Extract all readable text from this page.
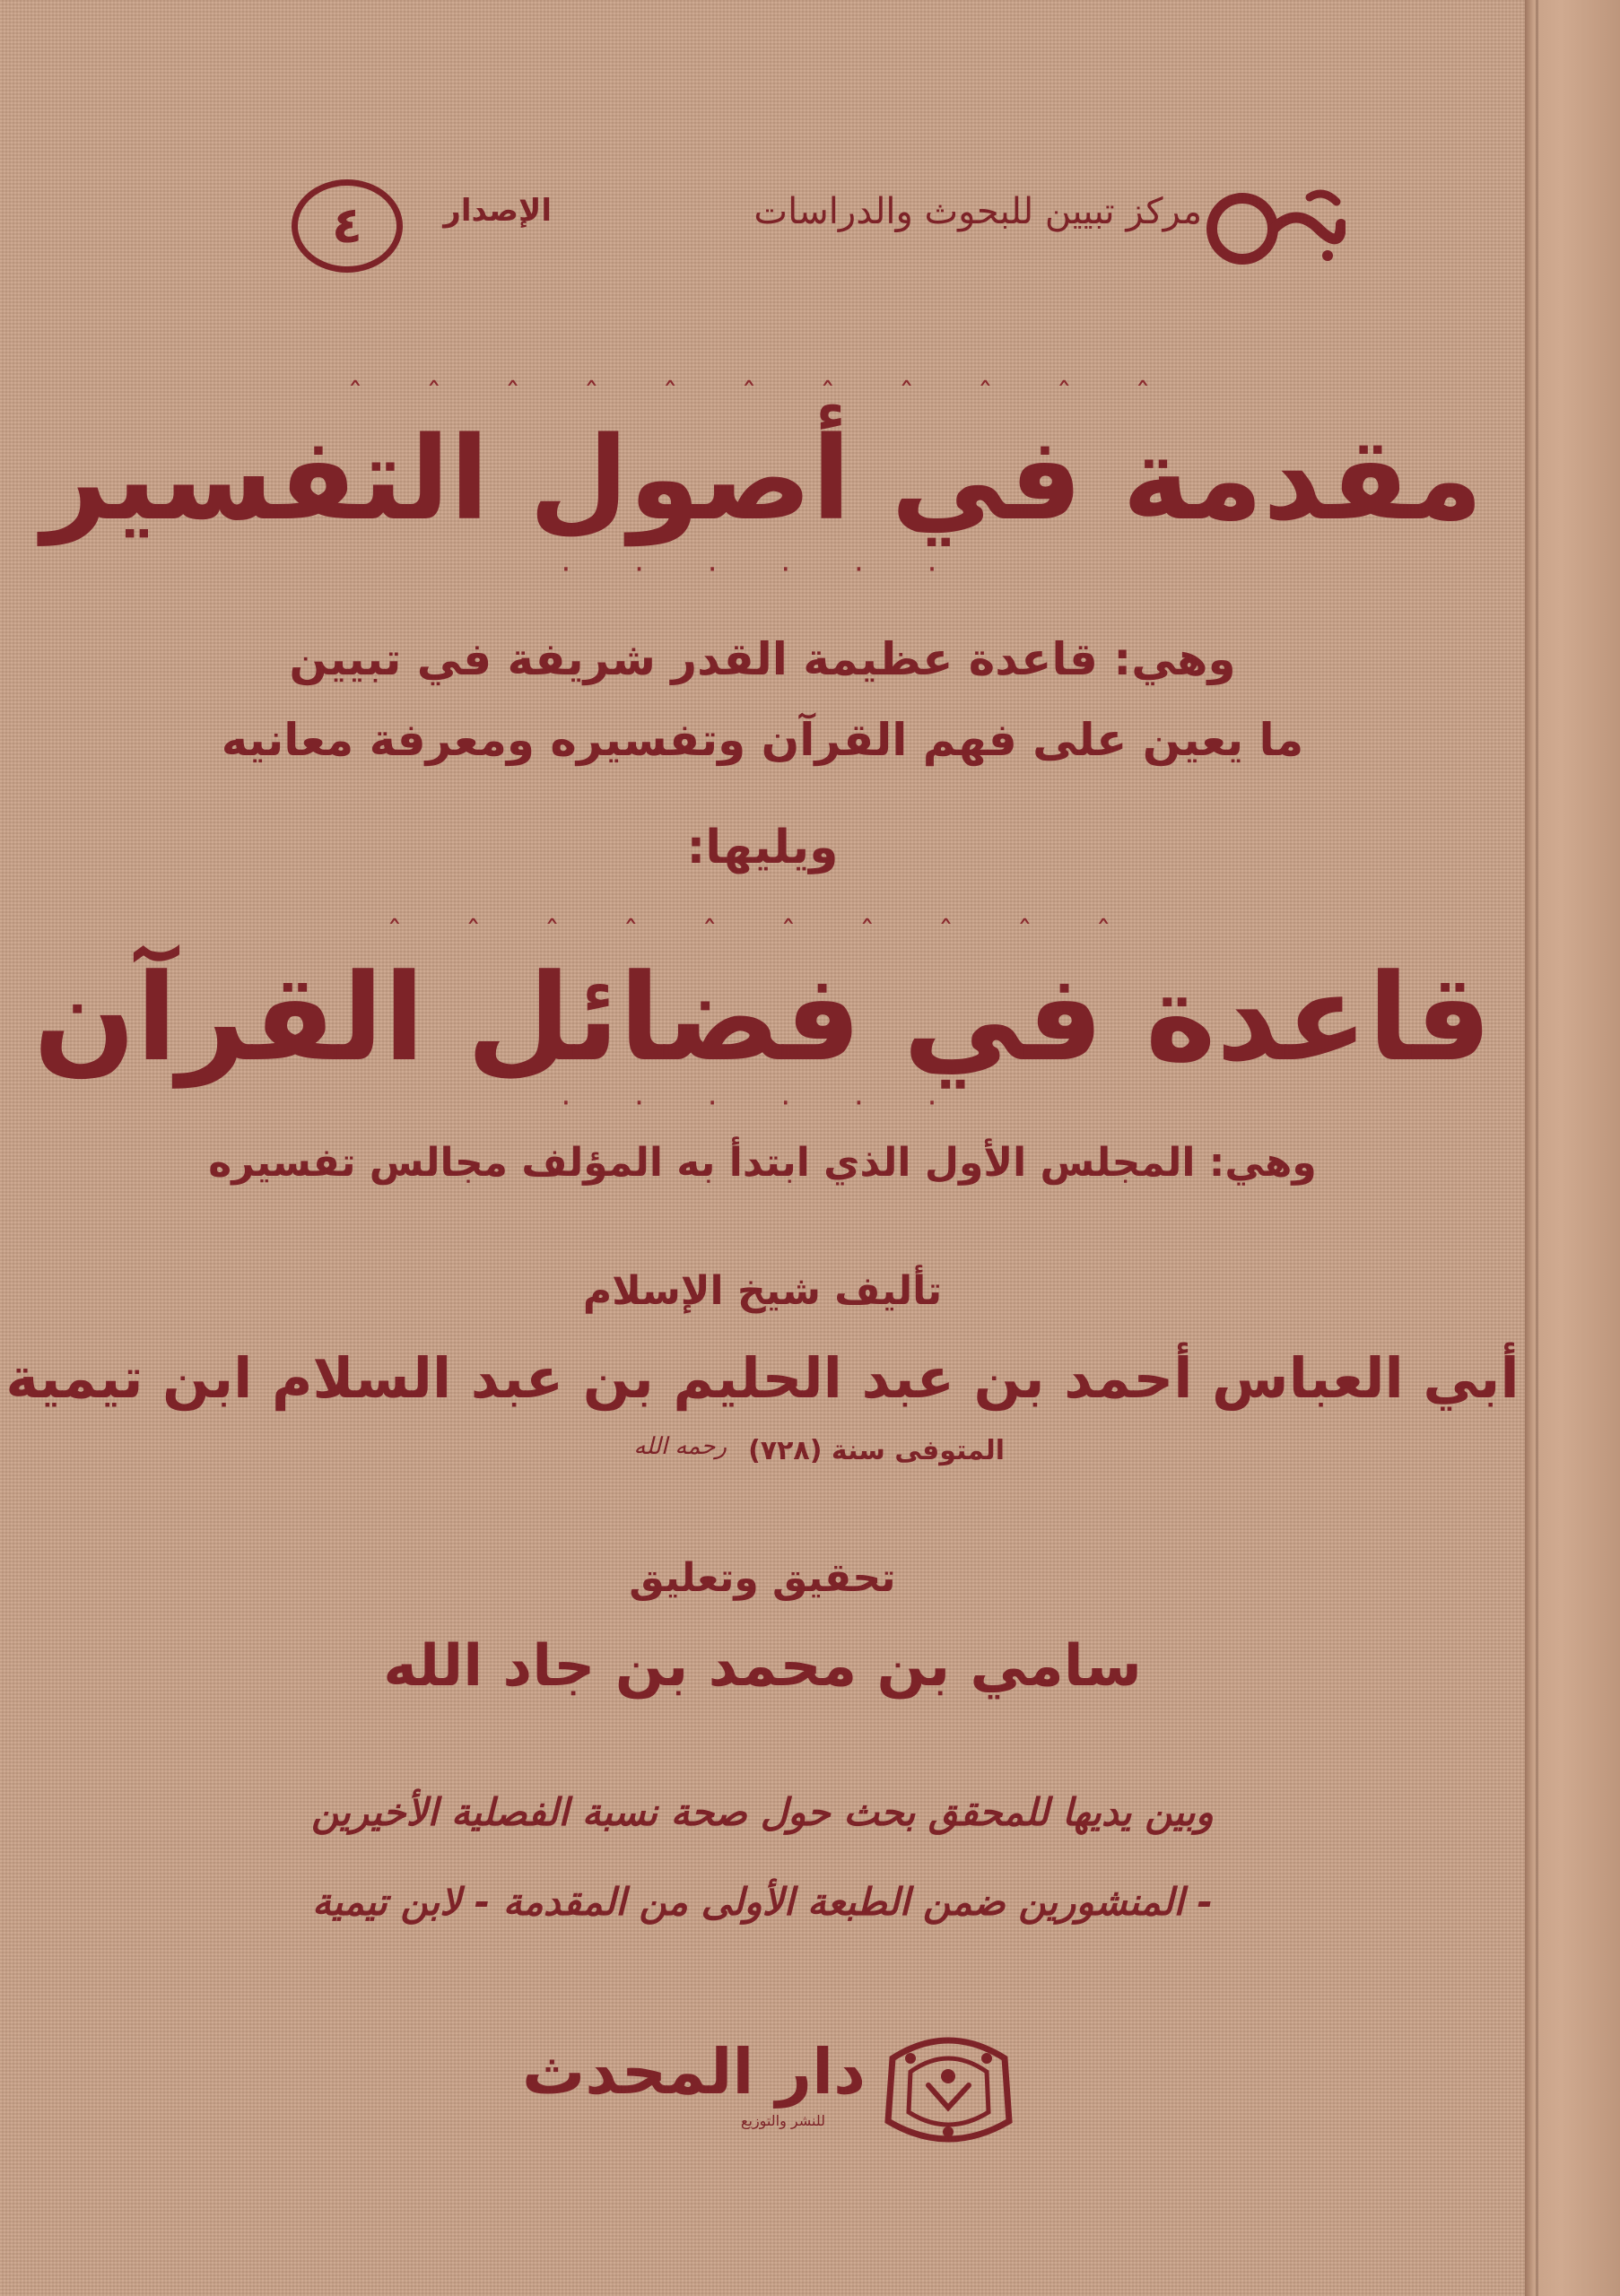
مركز تبيين للبحوث والدراسات
الإصدار
٤
ˆ ˆ ˆ ˆ ˆ ˆ ˆ ˆ ˆ ˆ ˆ
مقدمة في أصول التفسير
· · · · · ·
وهي: قاعدة عظيمة القدر شريفة في تبيين
ما يعين على فهم القرآن وتفسيره ومعرفة معانيه
ويليها:
ˆ ˆ ˆ ˆ ˆ ˆ ˆ ˆ ˆ ˆ
قاعدة في فضائل القرآن
· · · · · ·
وهي: المجلس الأول الذي ابتدأ به المؤلف مجالس تفسيره
تأليف شيخ الإسلام
أبي العباس أحمد بن عبد الحليم بن عبد السلام ابن تيمية
المتوفى سنة (٧٢٨)
رحمه الله
تحقيق وتعليق
سامي بن محمد بن جاد الله
وبين يديها للمحقق بحث حول صحة نسبة الفصلية الأخيرين
- المنشورين ضمن الطبعة الأولى من المقدمة - لابن تيمية
دار المحدث
للنشر والتوزيع
